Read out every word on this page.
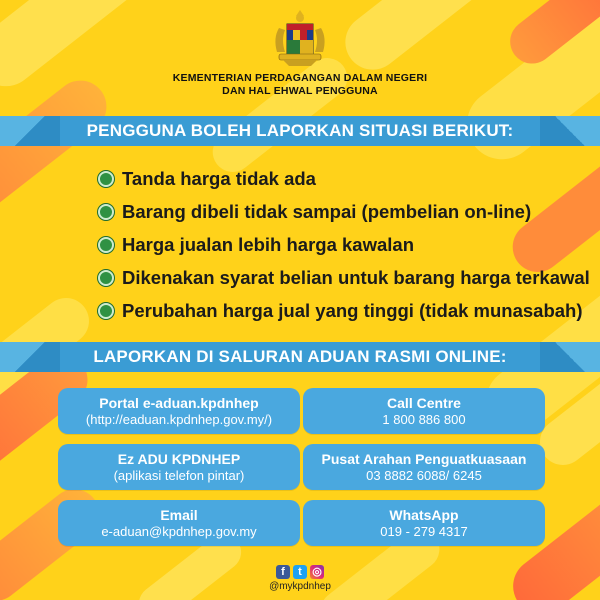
KEMENTERIAN PERDAGANGAN DALAM NEGERI
DAN HAL EHWAL PENGGUNA
PENGGUNA BOLEH LAPORKAN SITUASI BERIKUT:
Tanda harga tidak ada
Barang dibeli tidak sampai (pembelian on-line)
Harga jualan lebih harga kawalan
Dikenakan syarat belian untuk barang harga terkawal
Perubahan harga jual yang tinggi (tidak munasabah)
LAPORKAN DI SALURAN ADUAN RASMI ONLINE:
Portal e-aduan.kpdnhep
(http://eaduan.kpdnhep.gov.my/)
Call Centre
1 800 886 800
Ez ADU KPDNHEP
(aplikasi telefon pintar)
Pusat Arahan Penguatkuasaan
03 8882 6088/ 6245
Email
e-aduan@kpdnhep.gov.my
WhatsApp
019 - 279 4317
f	t ◎
@mykpdnhep
